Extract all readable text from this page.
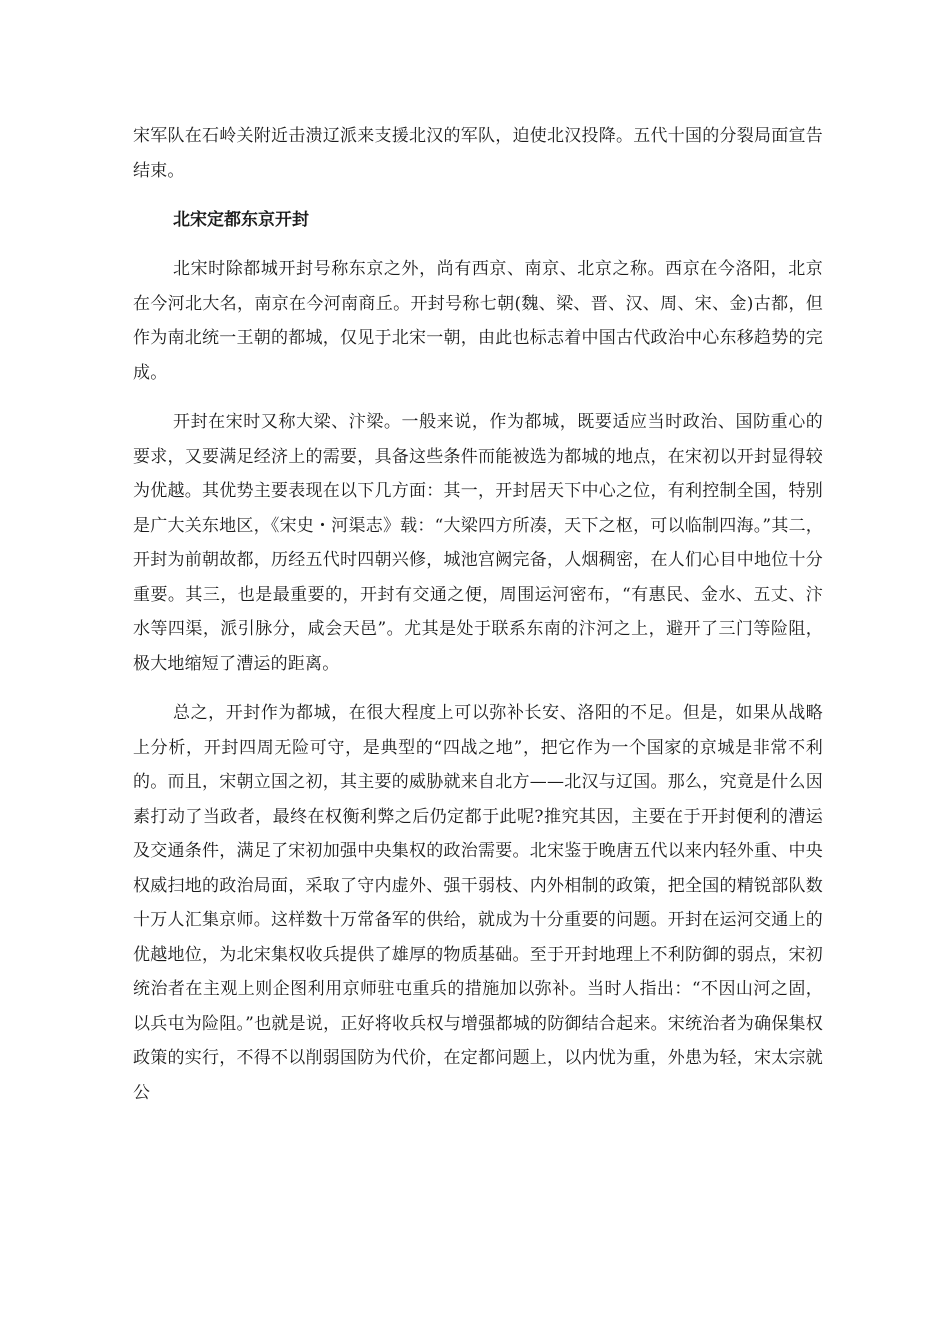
宋军队在石岭关附近击溃辽派来支援北汉的军队，迫使北汉投降。五代十国的分裂局面宣告结束。

北宋定都东京开封

北宋时除都城开封号称东京之外，尚有西京、南京、北京之称。西京在今洛阳，北京在今河北大名，南京在今河南商丘。开封号称七朝(魏、梁、晋、汉、周、宋、金)古都，但作为南北统一王朝的都城，仅见于北宋一朝，由此也标志着中国古代政治中心东移趋势的完成。

开封在宋时又称大梁、汴梁。一般来说，作为都城，既要适应当时政治、国防重心的要求，又要满足经济上的需要，具备这些条件而能被选为都城的地点，在宋初以开封显得较为优越。其优势主要表现在以下几方面：其一，开封居天下中心之位，有利控制全国，特别是广大关东地区，《宋史・河渠志》载：“大梁四方所凑，天下之枢，可以临制四海。”其二，开封为前朝故都，历经五代时四朝兴修，城池宫阙完备，人烟稠密，在人们心目中地位十分重要。其三，也是最重要的，开封有交通之便，周围运河密布，“有惠民、金水、五丈、汴水等四渠，派引脉分，咸会天邑”。尤其是处于联系东南的汴河之上，避开了三门等险阻，极大地缩短了漕运的距离。

总之，开封作为都城，在很大程度上可以弥补长安、洛阳的不足。但是，如果从战略上分析，开封四周无险可守，是典型的“四战之地”，把它作为一个国家的京城是非常不利的。而且，宋朝立国之初，其主要的威胁就来自北方——北汉与辽国。那么，究竟是什么因素打动了当政者，最终在权衡利弊之后仍定都于此呢?推究其因，主要在于开封便利的漕运及交通条件，满足了宋初加强中央集权的政治需要。北宋鉴于晚唐五代以来内轻外重、中央权威扫地的政治局面，采取了守内虚外、强干弱枝、内外相制的政策，把全国的精锐部队数十万人汇集京师。这样数十万常备军的供给，就成为十分重要的问题。开封在运河交通上的优越地位，为北宋集权收兵提供了雄厚的物质基础。至于开封地理上不利防御的弱点，宋初统治者在主观上则企图利用京师驻屯重兵的措施加以弥补。当时人指出：“不因山河之固，以兵屯为险阻。”也就是说，正好将收兵权与增强都城的防御结合起来。宋统治者为确保集权政策的实行，不得不以削弱国防为代价，在定都问题上，以内忧为重，外患为轻，宋太宗就公
